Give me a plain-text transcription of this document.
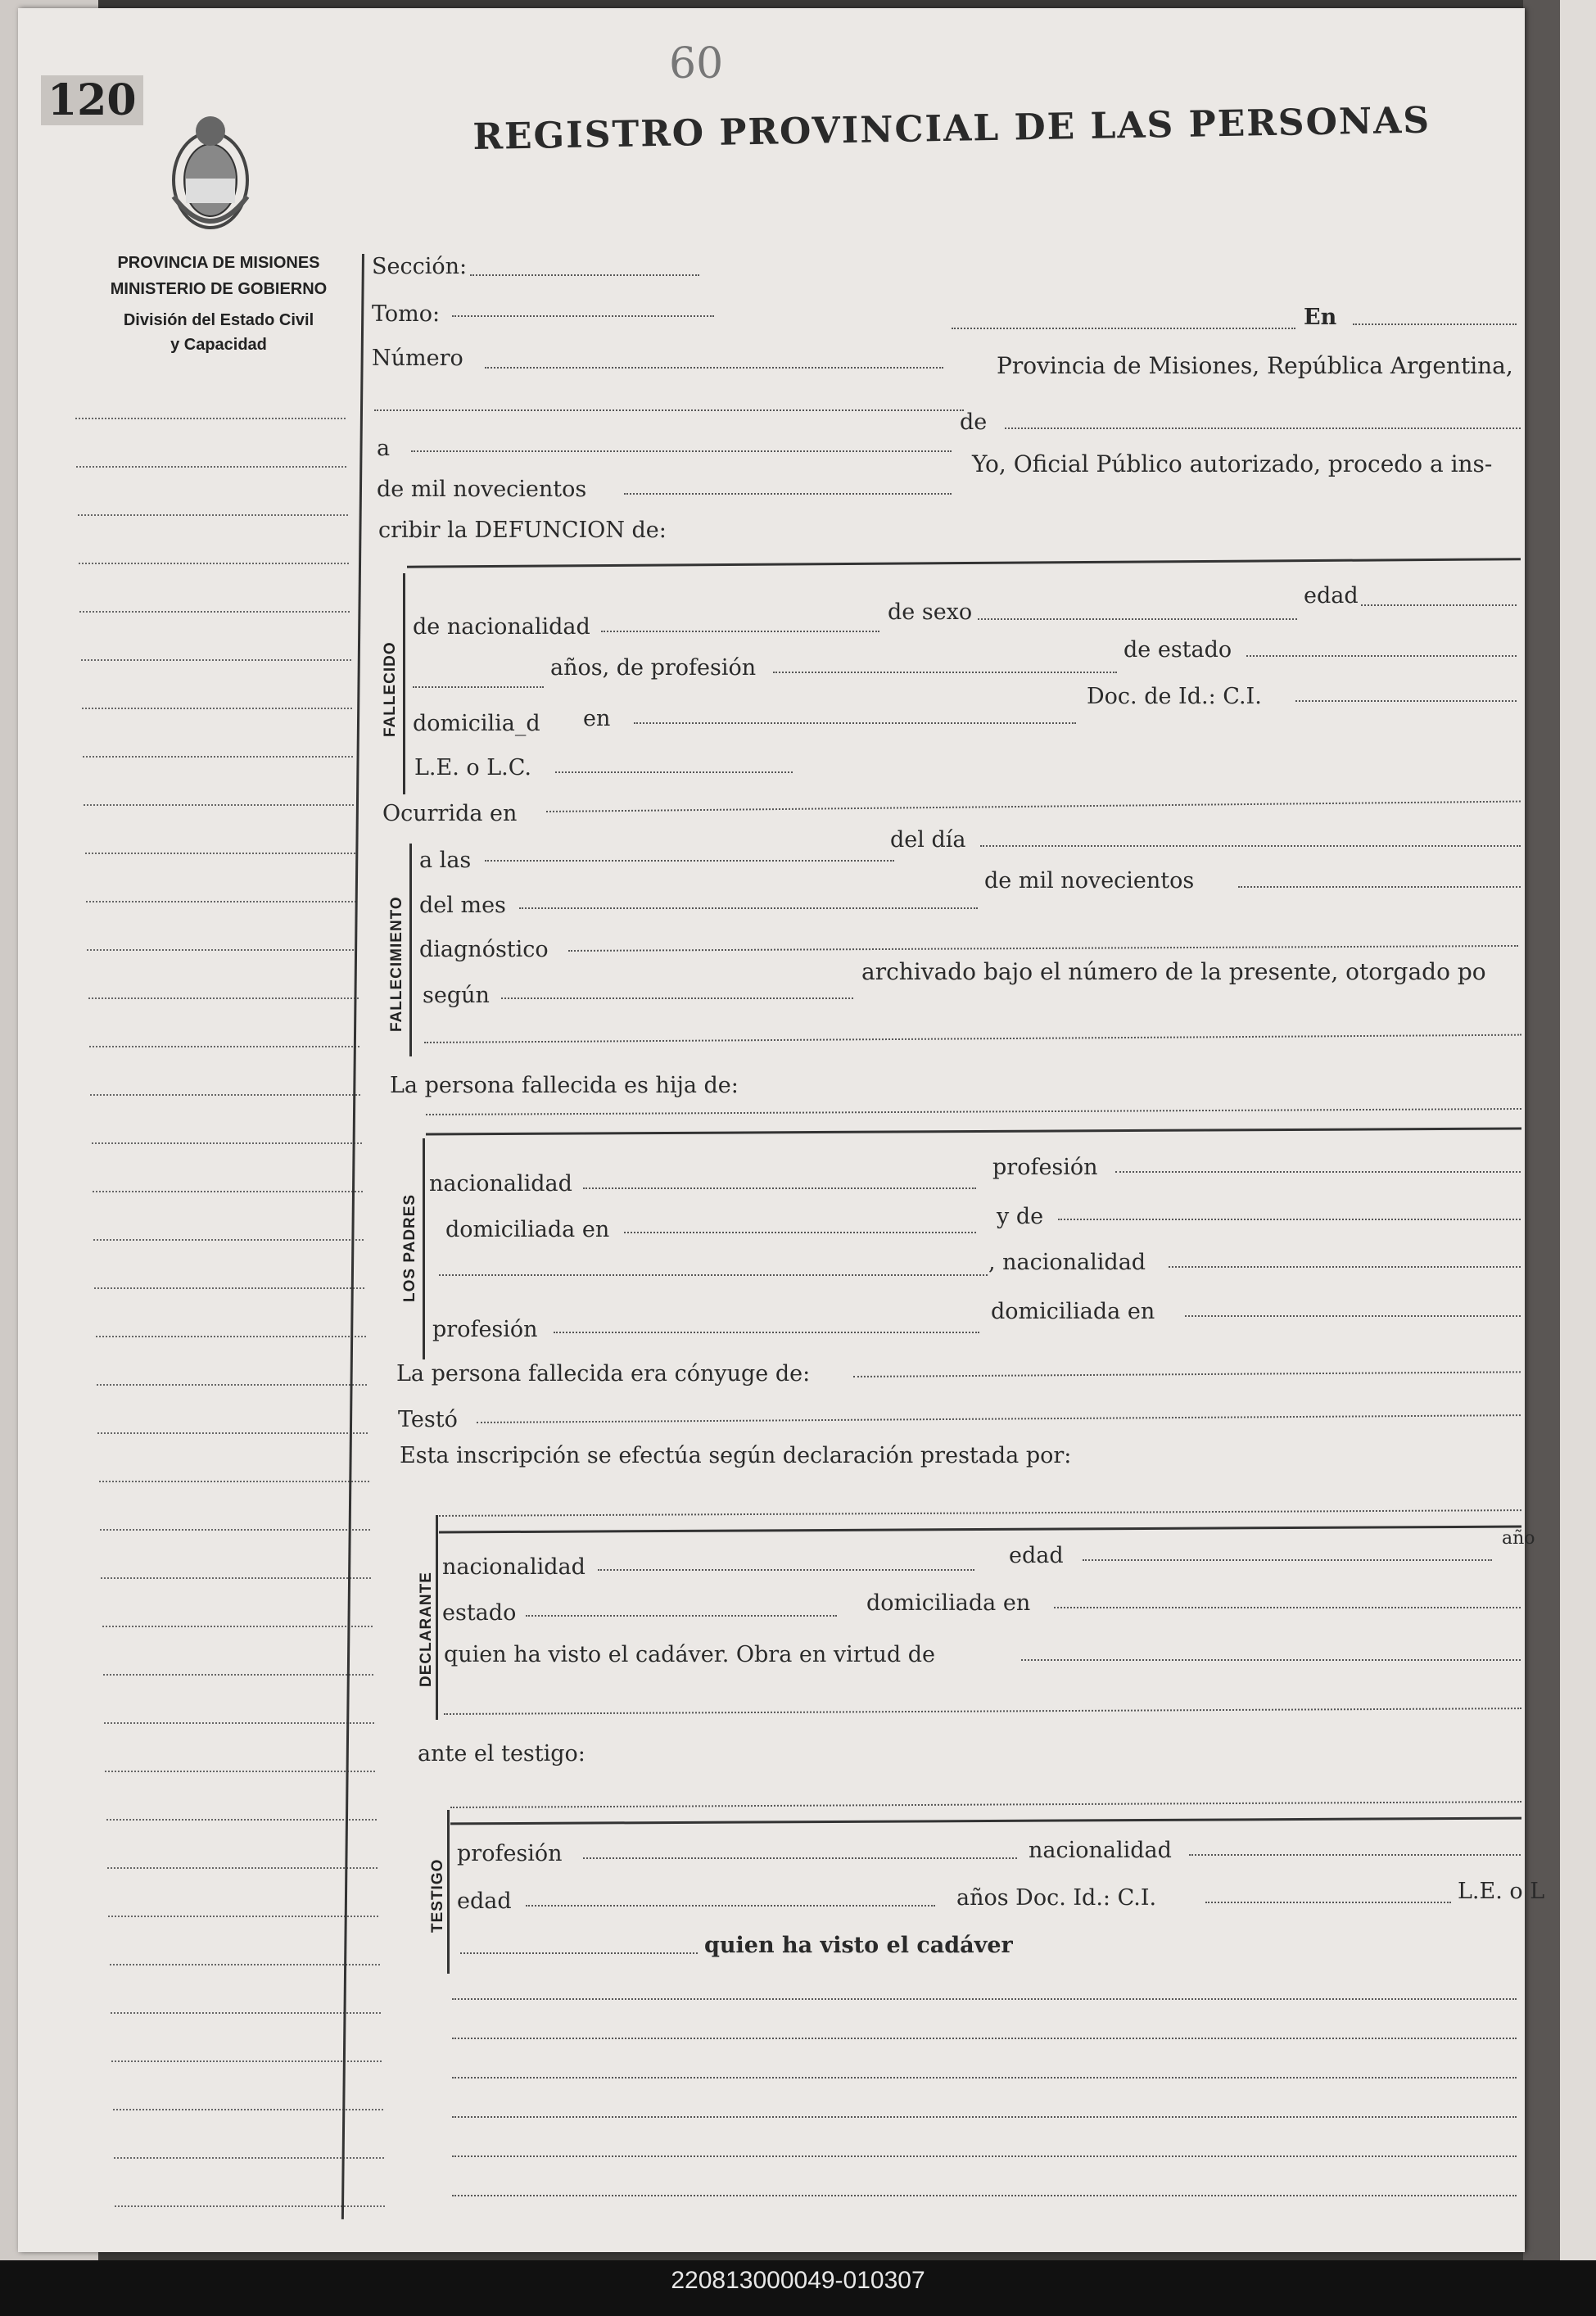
120
60
REGISTRO PROVINCIAL DE LAS PERSONAS
PROVINCIA DE MISIONES
MINISTERIO DE GOBIERNO
División del Estado Civil
y Capacidad
Sección:
Tomo:	En
Número	Provincia de Misiones, República Argentina,
a
de
de mil novecientos
Yo, Oficial Público autorizado, procedo a ins-
cribir la DEFUNCION de:
FALLECIDO
de nacionalidad
de sexo
edad
años, de profesión
de estado
domicilia_d en
Doc. de Id.: C.I.
L.E. o L.C.
Ocurrida en
FALLECIMIENTO
a las
del día
del mes
de mil novecientos
diagnóstico
según
archivado bajo el número de la presente, otorgado po
La persona fallecida es hija de:
LOS PADRES
nacionalidad
profesión
domiciliada en
y de
, nacionalidad
profesión
domiciliada en
La persona fallecida era cónyuge de:
Testó
Esta inscripción se efectúa según declaración prestada por:
DECLARANTE
nacionalidad	edad
año
estado	domiciliada en
quien ha visto el cadáver. Obra en virtud de
ante el testigo:
TESTIGO
profesión	nacionalidad
edad	años Doc. Id.: C.I.	L.E. o L
quien ha visto el cadáver
220813000049-010307
